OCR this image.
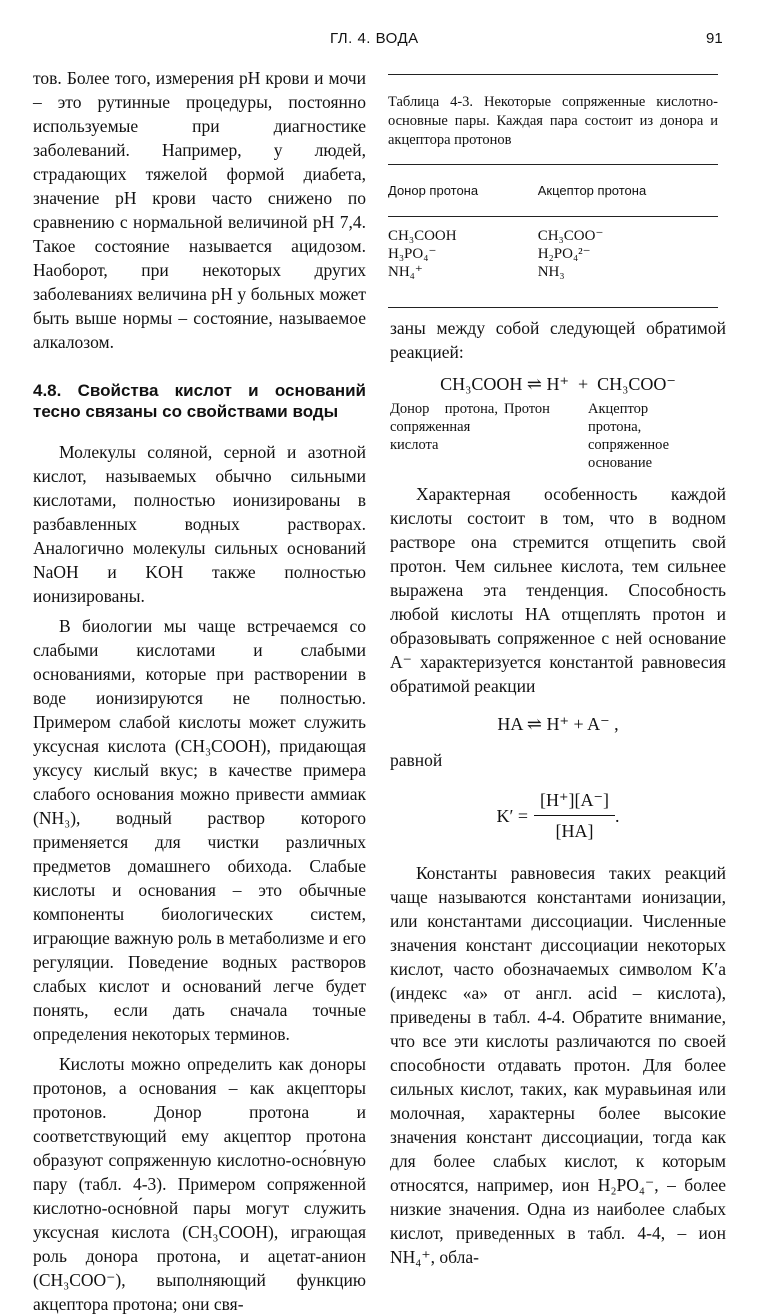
ГЛ. 4. ВОДА	91

тов. Более того, измерения pH крови и мочи – это рутинные процедуры, постоянно используемые при диагностике заболеваний. Например, у людей, страдающих тяжелой формой диабета, значение pH крови часто снижено по сравнению с нормальной величиной pH 7,4. Такое состояние называется ацидозом. Наоборот, при некоторых других заболеваниях величина pH у больных может быть выше нормы – состояние, называемое алкалозом.

4.8. Свойства кислот и оснований тесно связаны со свойствами воды

Молекулы соляной, серной и азотной кислот, называемых обычно сильными кислотами, полностью ионизированы в разбавленных водных растворах. Аналогично молекулы сильных оснований NaOH и KOH также полностью ионизированы.

В биологии мы чаще встречаемся со слабыми кислотами и слабыми основаниями, которые при растворении в воде ионизируются не полностью. Примером слабой кислоты может служить уксусная кислота (CH₃COOH), придающая уксусу кислый вкус; в качестве примера слабого основания можно привести аммиак (NH₃), водный раствор которого применяется для чистки различных предметов домашнего обихода. Слабые кислоты и основания – это обычные компоненты биологических систем, играющие важную роль в метаболизме и его регуляции. Поведение водных растворов слабых кислот и оснований легче будет понять, если дать сначала точные определения некоторых терминов.

Кислоты можно определить как доноры протонов, а основания – как акцепторы протонов. Донор протона и соответствующий ему акцептор протона образуют сопряженную кислотно-осно́вную пару (табл. 4-3). Примером сопряженной кислотно-осно́вной пары могут служить уксусная кислота (CH₃COOH), играющая роль донора протона, и ацетат-анион (CH₃COO⁻), выполняющий функцию акцептора протона; они свя-

Таблица 4-3. Некоторые сопряженные кислотно-основные пары. Каждая пара состоит из донора и акцептора протонов
Донор протона	Акцептор протона

CH₃COOH	CH₃COO⁻
H₃PO₄⁻	H₂PO₄²⁻
NH₄⁺	NH₃

заны между собой следующей обратимой реакцией:

CH₃COOH
⇌
H⁺
+
CH₃COO⁻
Донор протона, сопряженная кислота
Протон	Акцептор протона, сопряженное основание

Характерная особенность каждой кислоты состоит в том, что в водном растворе она стремится отщепить свой протон. Чем сильнее кислота, тем сильнее выражена эта тенденция. Способность любой кислоты HA отщеплять протон и образовывать сопряженное с ней основание A⁻ характеризуется константой равновесия обратимой реакции

HA ⇌ H⁺ + A⁻ ,

равной

$K' = \frac{[H^+][A^-]}{[HA]}$ .

Константы равновесия таких реакций чаще называются константами ионизации, или константами диссоциации. Численные значения констант диссоциации некоторых кислот, часто обозначаемых символом K′a (индекс «a» от англ. acid – кислота), приведены в табл. 4-4. Обратите внимание, что все эти кислоты различаются по своей способности отдавать протон. Для более сильных кислот, таких, как муравьиная или молочная, характерны более высокие значения констант диссоциации, тогда как для более слабых кислот, к которым относятся, например, ион H₂PO₄⁻, – более низкие значения. Одна из наиболее слабых кислот, приведенных в табл. 4-4, – ион NH₄⁺, обла-
